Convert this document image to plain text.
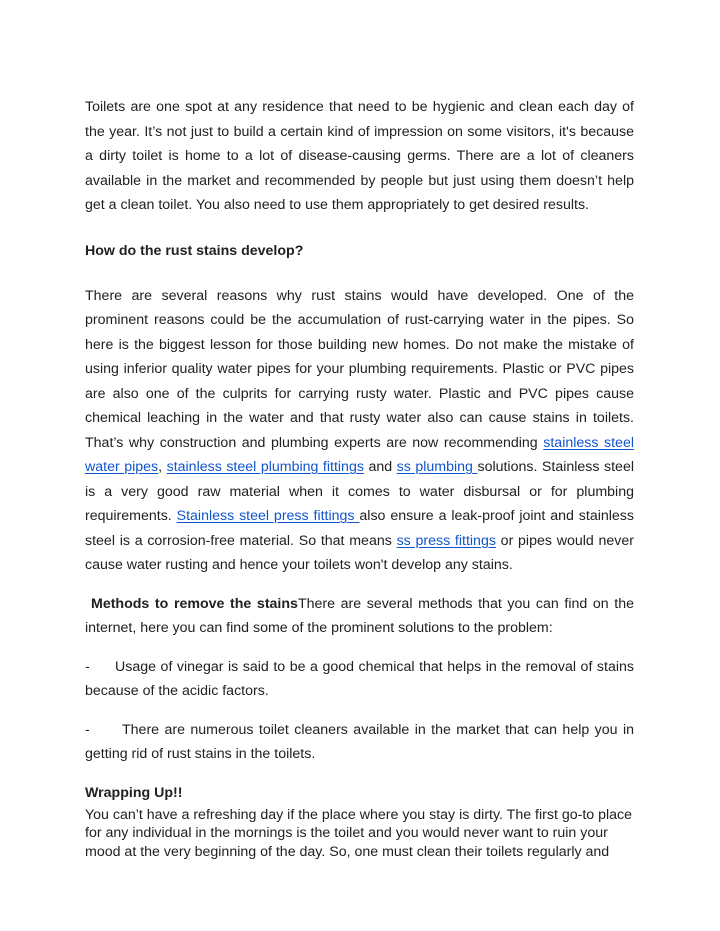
Toilets are one spot at any residence that need to be hygienic and clean each day of the year. It’s not just to build a certain kind of impression on some visitors, it's because a dirty toilet is home to a lot of disease-causing germs. There are a lot of cleaners available in the market and recommended by people but just using them doesn’t help get a clean toilet. You also need to use them appropriately to get desired results.

How do the rust stains develop?

There are several reasons why rust stains would have developed. One of the prominent reasons could be the accumulation of rust-carrying water in the pipes. So here is the biggest lesson for those building new homes. Do not make the mistake of using inferior quality water pipes for your plumbing requirements. Plastic or PVC pipes are also one of the culprits for carrying rusty water. Plastic and PVC pipes cause chemical leaching in the water and that rusty water also can cause stains in toilets. That’s why construction and plumbing experts are now recommending stainless steel water pipes, stainless steel plumbing fittings and ss plumbing solutions. Stainless steel is a very good raw material when it comes to water disbursal or for plumbing requirements. Stainless steel press fittings also ensure a leak-proof joint and stainless steel is a corrosion-free material. So that means ss press fittings or pipes would never cause water rusting and hence your toilets won't develop any stains.

Methods to remove the stainsThere are several methods that you can find on the internet, here you can find some of the prominent solutions to the problem:

- Usage of vinegar is said to be a good chemical that helps in the removal of stains because of the acidic factors.

- There are numerous toilet cleaners available in the market that can help you in getting rid of rust stains in the toilets.

Wrapping Up!!

You can’t have a refreshing day if the place where you stay is dirty. The first go-to place for any individual in the mornings is the toilet and you would never want to ruin your mood at the very beginning of the day. So, one must clean their toilets regularly and
